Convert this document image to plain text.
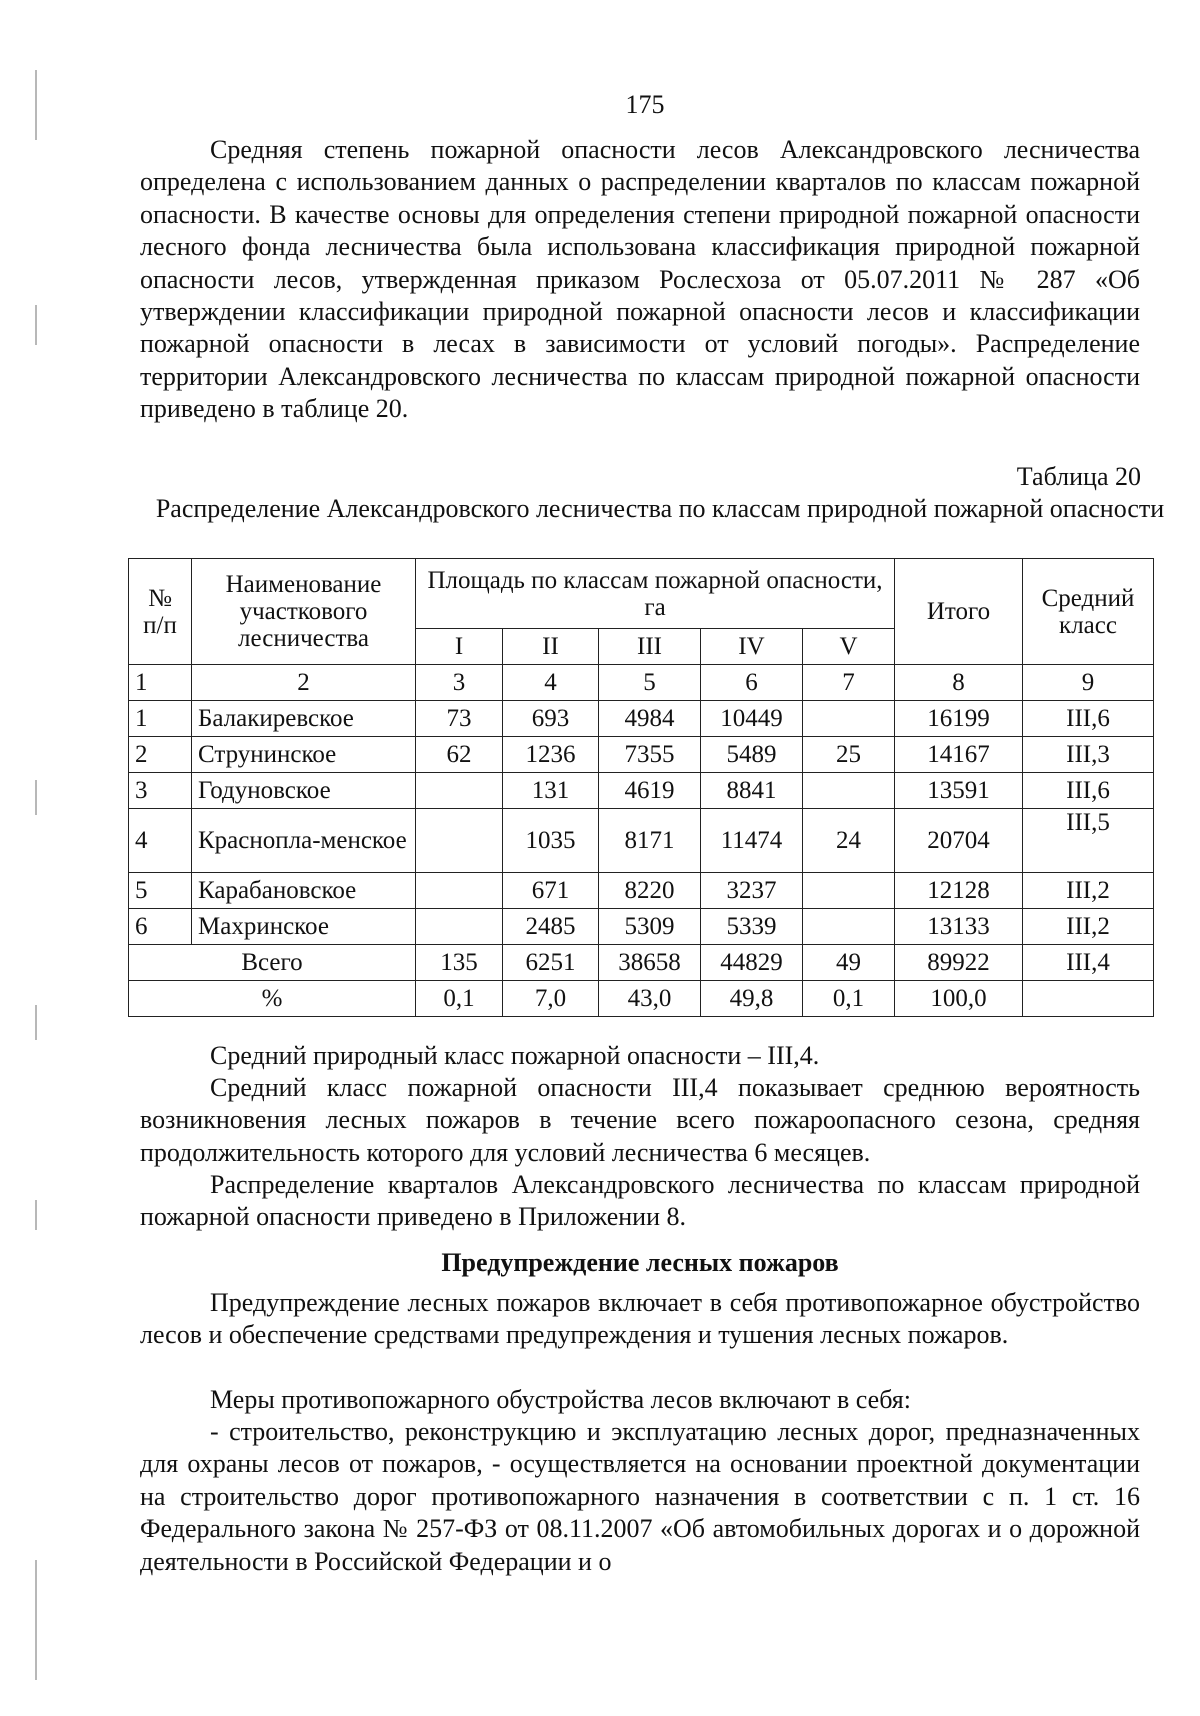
175

Средняя степень пожарной опасности лесов Александровского лесничества определена с использованием данных о распределении кварталов по классам пожарной опасности. В качестве основы для определения степени природной пожарной опасности лесного фонда лесничества была использована классификация природной пожарной опасности лесов, утвержденная приказом Рослесхоза от 05.07.2011 № 287 «Об утверждении классификации природной пожарной опасности лесов и классификации пожарной опасности в лесах в зависимости от условий погоды». Распределение территории Александровского лесничества по классам природной пожарной опасности приведено в таблице 20.

Таблица 20
Распределение Александровского лесничества по классам природной пожарной опасности
№ п/п	Наименование участкового лесничества	Площадь по классам пожарной опасности, га					Итого	Средний класс
		I	II	III	IV	V		
1	2	3	4	5	6	7	8	9
1	Балакиревское	73	693	4984	10449		16199	III,6
2	Струнинское	62	1236	7355	5489	25	14167	III,3
3	Годуновское		131	4619	8841		13591	III,6
4	Краснопла-менское		1035	8171	11474	24	20704	III,5
5	Карабановское		671	8220	3237		12128	III,2
6	Махринское		2485	5309	5339		13133	III,2
Всего		135	6251	38658	44829	49	89922	III,4
%		0,1	7,0	43,0	49,8	0,1	100,0	

Средний природный класс пожарной опасности – III,4.

Средний класс пожарной опасности III,4 показывает среднюю вероятность возникновения лесных пожаров в течение всего пожароопасного сезона, средняя продолжительность которого для условий лесничества 6 месяцев.

Распределение кварталов Александровского лесничества по классам природной пожарной опасности приведено в Приложении 8.

Предупреждение лесных пожаров

Предупреждение лесных пожаров включает в себя противопожарное обустройство лесов и обеспечение средствами предупреждения и тушения лесных пожаров.

Меры противопожарного обустройства лесов включают в себя:

- строительство, реконструкцию и эксплуатацию лесных дорог, предназначенных для охраны лесов от пожаров, - осуществляется на основании проектной документации на строительство дорог противопожарного назначения в соответствии с п. 1 ст. 16 Федерального закона № 257-ФЗ от 08.11.2007 «Об автомобильных дорогах и о дорожной деятельности в Российской Федерации и о
